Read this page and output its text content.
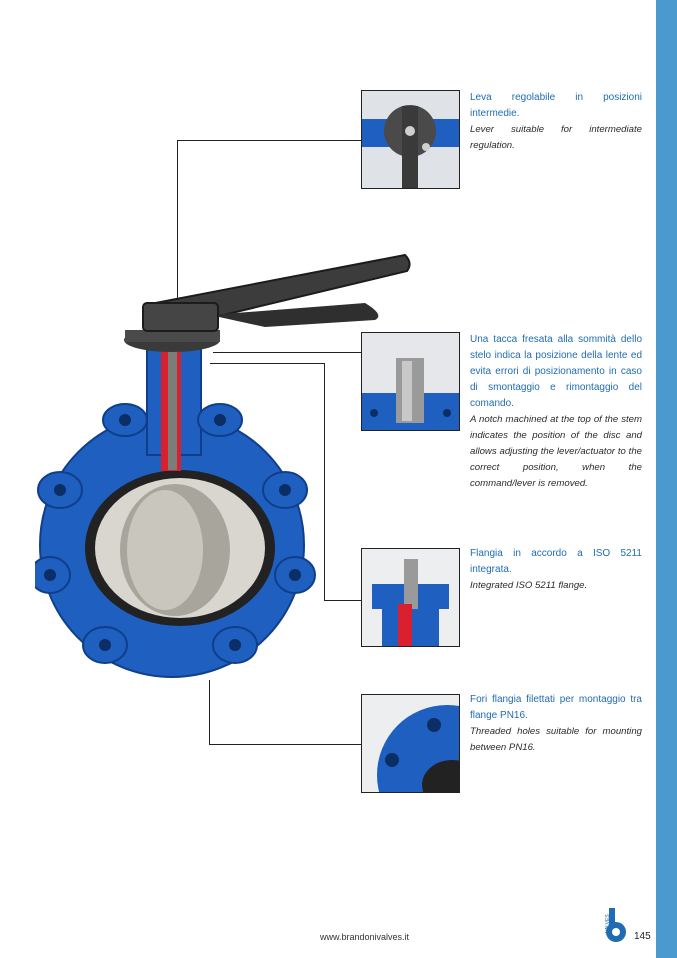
Leva regolabile in posizioni intermedie.
Lever suitable for intermediate regulation.
Una tacca fresata alla sommità dello stelo indica la posizione della lente ed evita errori di posizionamento in caso di smontaggio e rimontaggio del comando.
A notch machined at the top of the stem indicates the position of the disc and allows adjusting the lever/actuator to the correct position, when the command/lever is removed.
Flangia in accordo a ISO 5211 integrata.
Integrated ISO 5211 flange.
Fori flangia filettati per montaggio tra flange PN16.
Threaded holes suitable for mounting between PN16.
www.brandonivalves.it
VALVES
145
